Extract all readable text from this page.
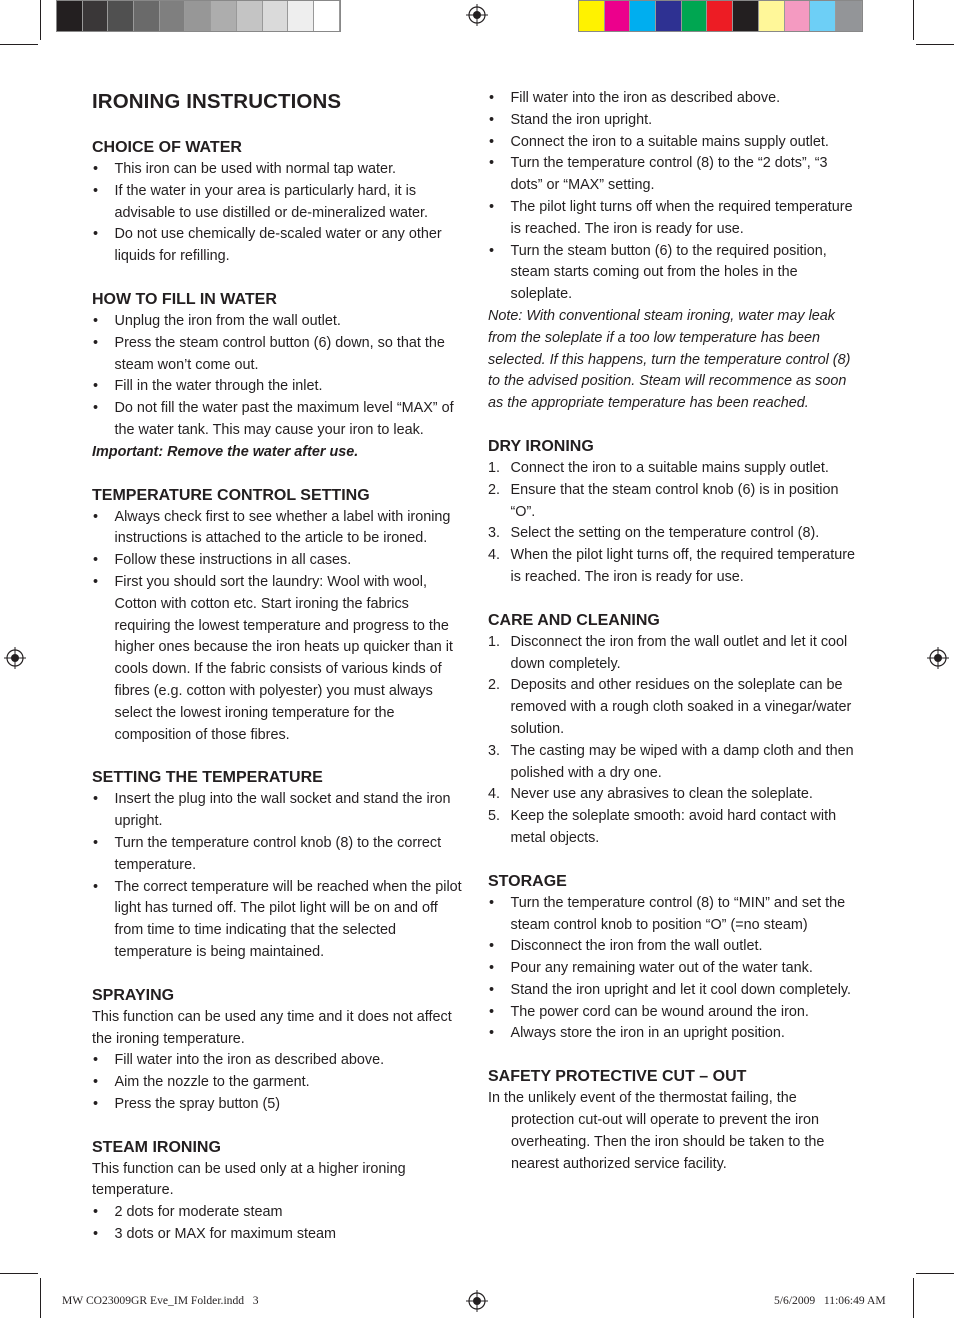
IRONING INSTRUCTIONS
CHOICE OF WATER
•	This iron can be used with normal tap water.
•	If the water in your area is particularly hard, it is advisable to use distilled or de-mineralized water.
•	Do not use chemically de-scaled water or any other liquids for refilling.
HOW TO FILL IN WATER
•	Unplug the iron from the wall outlet.
•	Press the steam control button (6) down, so that the steam won’t come out.
•	Fill in the water through the inlet.
•	Do not fill the water past the maximum level “MAX” of the water tank. This may cause your iron to leak.

Important: Remove the water after use.

TEMPERATURE CONTROL SETTING
•	Always check first to see whether a label with ironing instructions is attached to the article to be ironed.
•	Follow these instructions in all cases.
•	First you should sort the laundry: Wool with wool, Cotton with cotton etc. Start ironing the fabrics requiring the lowest temperature and progress to the higher ones because the iron heats up quicker than it cools down. If the fabric consists of various kinds of fibres (e.g. cotton with polyester) you must always select the lowest ironing temperature for the composition of those fibres.
SETTING THE TEMPERATURE
•	Insert the plug into the wall socket and stand the iron upright.
•	Turn the temperature control knob (8) to the correct temperature.
•	The correct temperature will be reached when the pilot light has turned off. The pilot light will be on and off from time to time indicating that the selected temperature is being maintained.
SPRAYING

This function can be used any time and it does not affect the ironing temperature.

•	Fill water into the iron as described above.
•	Aim the nozzle to the garment.
•	Press the spray button (5)
STEAM IRONING

This function can be used only at a higher ironing temperature.

•	2 dots for moderate steam
•	3 dots or MAX for maximum steam
•	Fill water into the iron as described above.
•	Stand the iron upright.
•	Connect the iron to a suitable mains supply outlet.
•	Turn the temperature control (8) to the “2 dots”, “3 dots” or “MAX” setting.
•	The pilot light turns off when the required temperature is reached. The iron is ready for use.
•	Turn the steam button (6) to the required position, steam starts coming out from the holes in the soleplate.

Note: With conventional steam ironing, water may leak from the soleplate if a too low temperature has been selected. If this happens, turn the temperature control (8) to the advised position. Steam will recommence as soon as the appropriate temperature has been reached.

DRY IRONING
1. Connect the iron to a suitable mains supply outlet.
2. Ensure that the steam control knob (6) is in position “O”.
3. Select the setting on the temperature control (8).
4. When the pilot light turns off, the required temperature is reached. The iron is ready for use.
CARE AND CLEANING
1. Disconnect the iron from the wall outlet and let it cool down completely.
2. Deposits and other residues on the soleplate can be removed with a rough cloth soaked in a vinegar/water solution.
3. The casting may be wiped with a damp cloth and then polished with a dry one.
4. Never use any abrasives to clean the soleplate.
5. Keep the soleplate smooth: avoid hard contact with metal objects.
STORAGE
•	Turn the temperature control (8) to “MIN” and set the steam control knob to position “O” (=no steam)
•	Disconnect the iron from the wall outlet.
•	Pour any remaining water out of the water tank.
•	Stand the iron upright and let it cool down completely.
•	The power cord can be wound around the iron.
•	Always store the iron in an upright position.
SAFETY PROTECTIVE CUT – OUT

In the unlikely event of the thermostat failing, the protection cut-out will operate to prevent the iron overheating. Then the iron should be taken to the nearest authorized service facility.

MW CO23009GR Eve_IM Folder.indd   3	5/6/2009   11:06:49 AM
